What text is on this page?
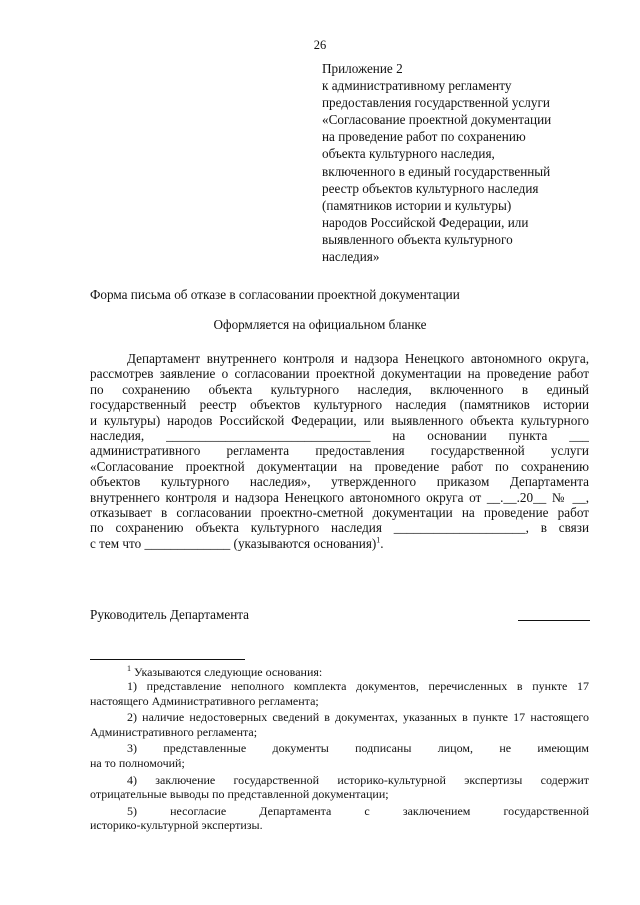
26
Приложение 2
к административному регламенту
предоставления государственной услуги
«Согласование проектной документации
на проведение работ по сохранению
объекта культурного наследия,
включенного в единый государственный
реестр объектов культурного наследия
(памятников истории и культуры)
народов Российской Федерации, или
выявленного объекта культурного
наследия»
Форма письма об отказе в согласовании проектной документации
Оформляется на официальном бланке
Департамент внутреннего контроля и надзора Ненецкого автономного округа,
рассмотрев заявление о согласовании проектной документации на проведение работ
по сохранению объекта культурного наследия, включенного в единый
государственный реестр объектов культурного наследия (памятников истории
и культуры) народов Российской Федерации, или выявленного объекта культурного
наследия, _______________________________ на основании пункта ___
административного регламента предоставления государственной услуги
«Согласование проектной документации на проведение работ по сохранению
объектов культурного наследия», утвержденного приказом Департамента
внутреннего контроля и надзора Ненецкого автономного округа от __.__.20__ № __,
отказывает в согласовании проектно-сметной документации на проведение работ
по сохранению объекта культурного наследия ____________________, в связи
с тем что _____________ (указываются основания)$^1$.
Руководитель Департамента
$^1$ Указываются следующие основания:
1) представление неполного комплекта документов, перечисленных в пункте 17
настоящего Административного регламента;
2) наличие недостоверных сведений в документах, указанных в пункте 17 настоящего
Административного регламента;
3) представленные документы подписаны лицом, не имеющим
на то полномочий;
4) заключение государственной историко-культурной экспертизы содержит
отрицательные выводы по представленной документации;
5) несогласие Департамента с заключением государственной
историко-культурной экспертизы.
